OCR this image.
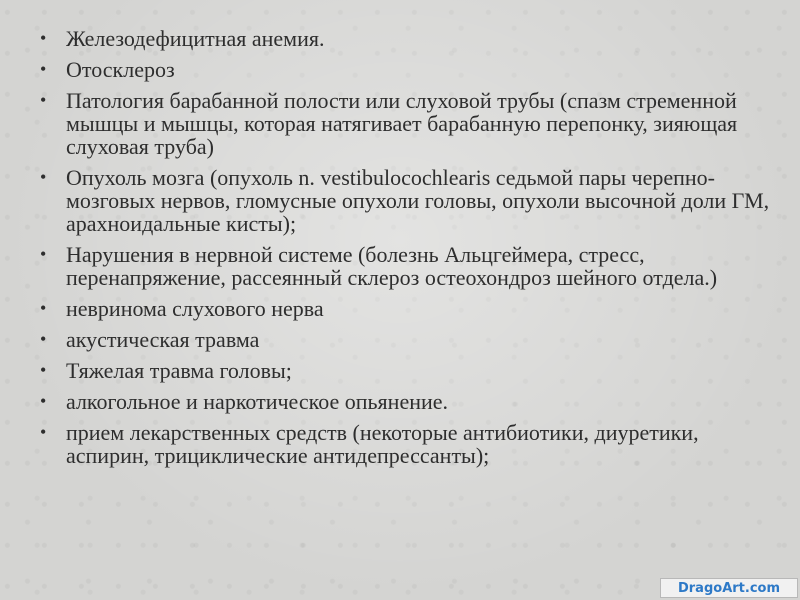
• Железодефицитная анемия.
• Отосклероз
• Патология барабанной полости или слуховой трубы (спазм стременной мышцы и мышцы, которая натягивает барабанную перепонку, зияющая слуховая труба)
• Опухоль мозга (опухоль n. vestibulocochlearis седьмой пары черепно-мозговых нервов, гломусные опухоли головы, опухоли высочной доли ГМ, арахноидальные кисты);
• Нарушения в нервной системе (болезнь Альцгеймера, стресс, перенапряжение, рассеянный склероз остеохондроз шейного отдела.)
• невринома слухового нерва
• акустическая травма
• Тяжелая травма головы;
• алкогольное и наркотическое опьянение.
• прием лекарственных средств (некоторые антибиотики, диуретики, аспирин, трициклические антидепрессанты);
DragoArt.com
